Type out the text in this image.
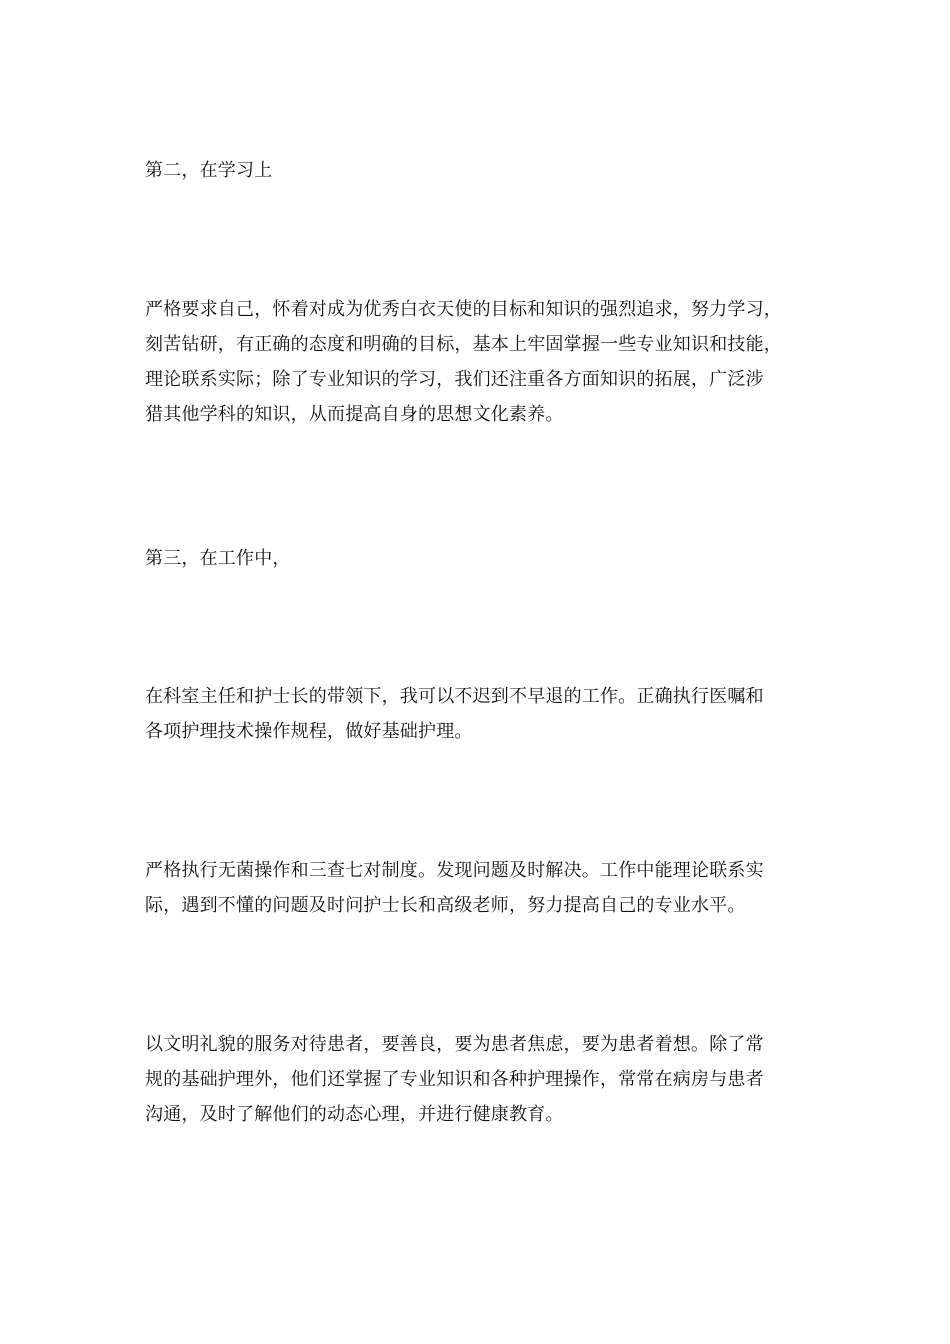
第二，在学习上

严格要求自己，怀着对成为优秀白衣天使的目标和知识的强烈追求，努力学习，

刻苦钻研，有正确的态度和明确的目标，基本上牢固掌握一些专业知识和技能，

理论联系实际；除了专业知识的学习，我们还注重各方面知识的拓展，广泛涉

猎其他学科的知识，从而提高自身的思想文化素养。

第三，在工作中，

在科室主任和护士长的带领下，我可以不迟到不早退的工作。正确执行医嘱和

各项护理技术操作规程，做好基础护理。

严格执行无菌操作和三查七对制度。发现问题及时解决。工作中能理论联系实

际，遇到不懂的问题及时问护士长和高级老师，努力提高自己的专业水平。

以文明礼貌的服务对待患者，要善良，要为患者焦虑，要为患者着想。除了常

规的基础护理外，他们还掌握了专业知识和各种护理操作，常常在病房与患者

沟通，及时了解他们的动态心理，并进行健康教育。
